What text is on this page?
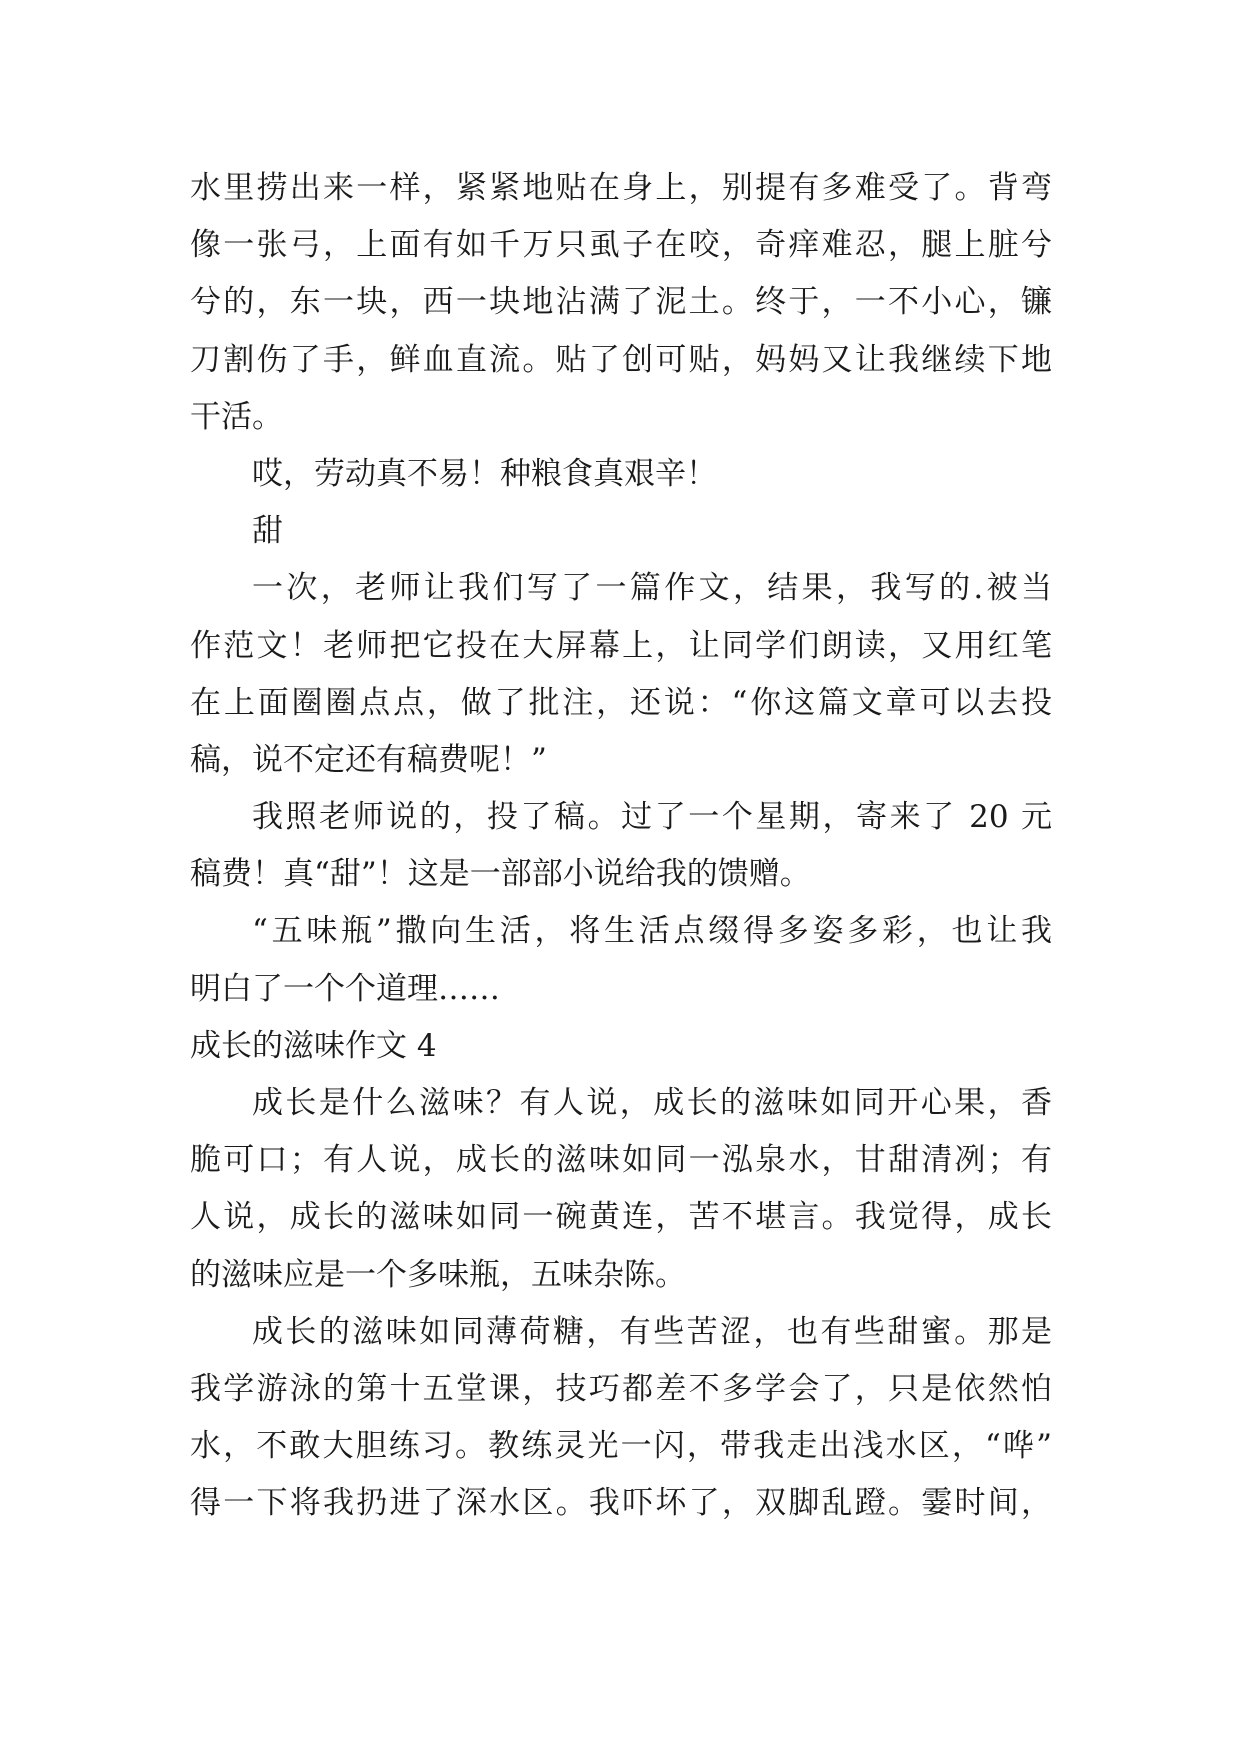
水里捞出来一样，紧紧地贴在身上，别提有多难受了。背弯
像一张弓，上面有如千万只虱子在咬，奇痒难忍，腿上脏兮
兮的，东一块，西一块地沾满了泥土。终于，一不小心，镰
刀割伤了手，鲜血直流。贴了创可贴，妈妈又让我继续下地
干活。
哎，劳动真不易！种粮食真艰辛！
甜
一次，老师让我们写了一篇作文，结果，我写的.被当
作范文！老师把它投在大屏幕上，让同学们朗读，又用红笔
在上面圈圈点点，做了批注，还说：“你这篇文章可以去投
稿，说不定还有稿费呢！”
我照老师说的，投了稿。过了一个星期，寄来了 20 元
稿费！真“甜”！这是一部部小说给我的馈赠。
“五味瓶”撒向生活，将生活点缀得多姿多彩，也让我
明白了一个个道理……
成长的滋味作文 4
成长是什么滋味？有人说，成长的滋味如同开心果，香
脆可口；有人说，成长的滋味如同一泓泉水，甘甜清冽；有
人说，成长的滋味如同一碗黄连，苦不堪言。我觉得，成长
的滋味应是一个多味瓶，五味杂陈。
成长的滋味如同薄荷糖，有些苦涩，也有些甜蜜。那是
我学游泳的第十五堂课，技巧都差不多学会了，只是依然怕
水，不敢大胆练习。教练灵光一闪，带我走出浅水区，“哗”
得一下将我扔进了深水区。我吓坏了，双脚乱蹬。霎时间，
